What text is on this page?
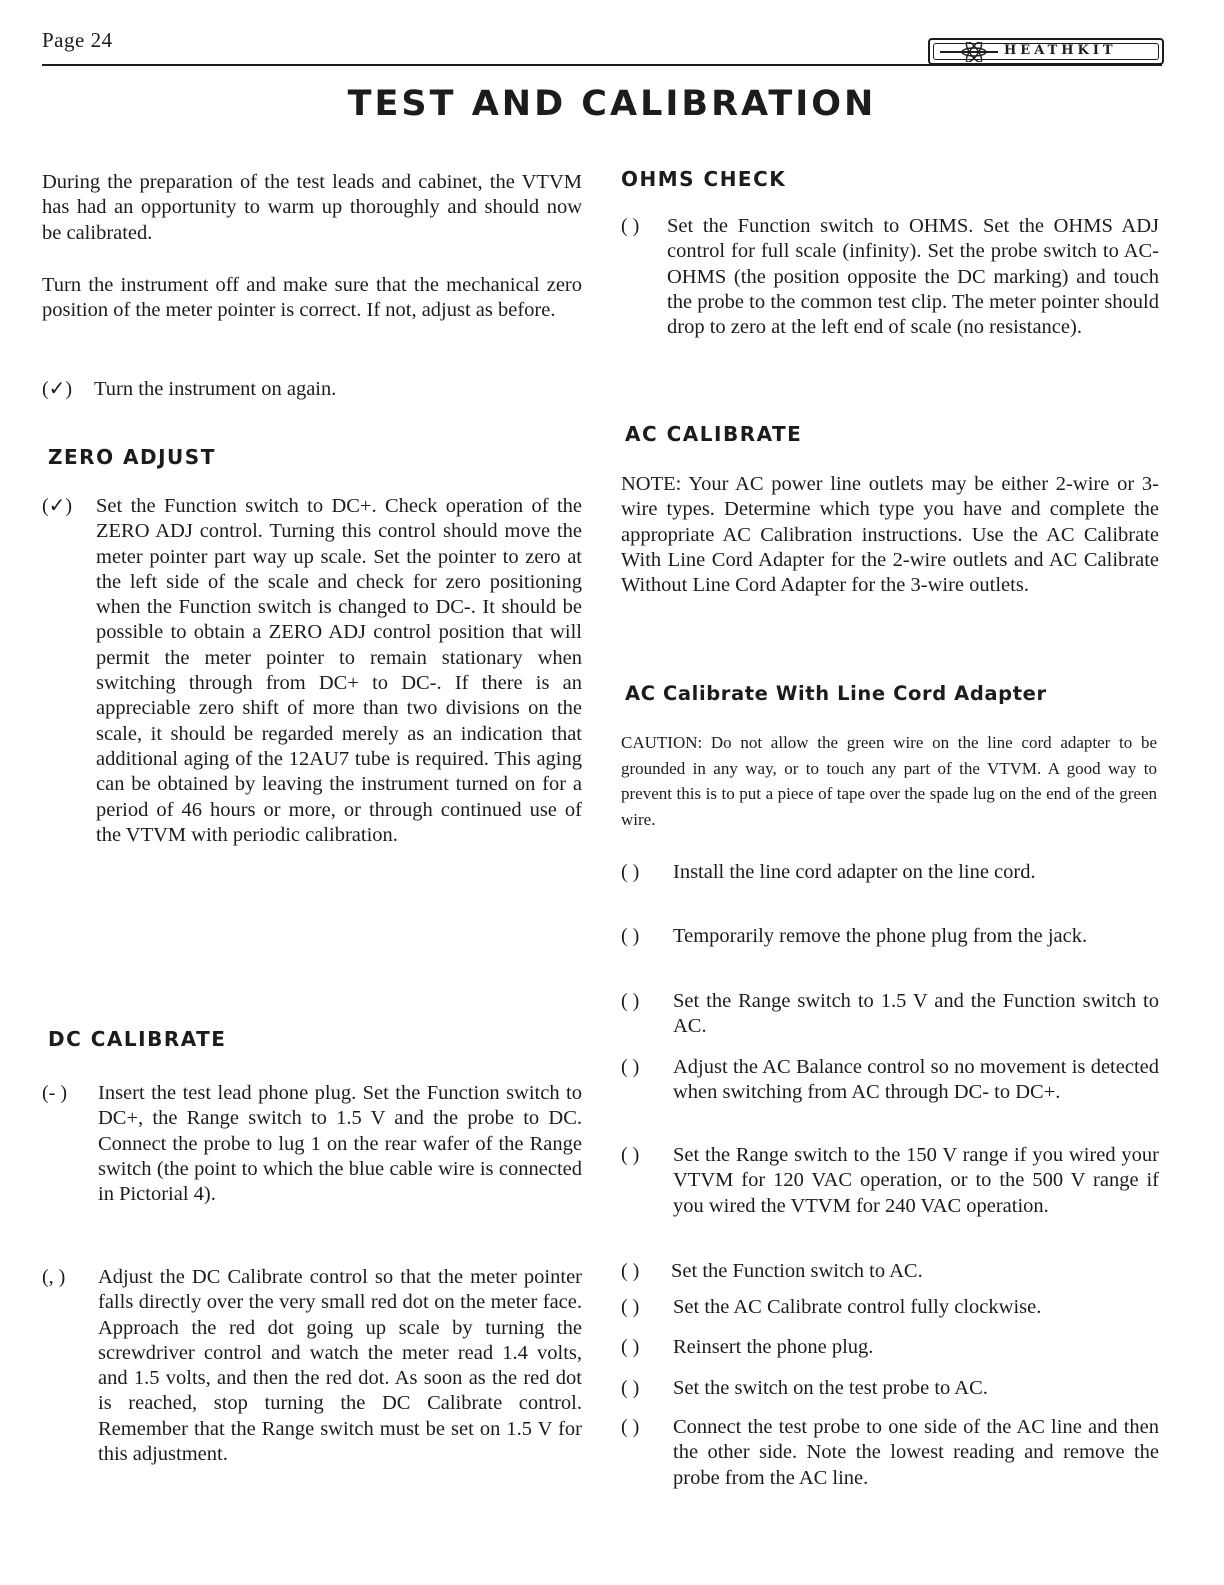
Page 24	HEATHKIT
TEST AND CALIBRATION

During the preparation of the test leads and cabinet, the VTVM has had an opportunity to warm up thoroughly and should now be calibrated.

Turn the instrument off and make sure that the mechanical zero position of the meter pointer is correct. If not, adjust as before.

(✓)	Turn the instrument on again.
ZERO ADJUST
(✓)	Set the Function switch to DC+. Check operation of the ZERO ADJ control. Turning this control should move the meter pointer part way up scale. Set the pointer to zero at the left side of the scale and check for zero positioning when the Function switch is changed to DC-. It should be possible to obtain a ZERO ADJ control position that will permit the meter pointer to remain stationary when switching through from DC+ to DC-. If there is an appreciable zero shift of more than two divisions on the scale, it should be regarded merely as an indication that additional aging of the 12AU7 tube is required. This aging can be obtained by leaving the instrument turned on for a period of 46 hours or more, or through continued use of the VTVM with periodic calibration.
DC CALIBRATE
(- )	Insert the test lead phone plug. Set the Function switch to DC+, the Range switch to 1.5 V and the probe to DC. Connect the probe to lug 1 on the rear wafer of the Range switch (the point to which the blue cable wire is connected in Pictorial 4).
(, )	Adjust the DC Calibrate control so that the meter pointer falls directly over the very small red dot on the meter face. Approach the red dot going up scale by turning the screwdriver control and watch the meter read 1.4 volts, and 1.5 volts, and then the red dot. As soon as the red dot is reached, stop turning the DC Calibrate control. Remember that the Range switch must be set on 1.5 V for this adjustment.
OHMS CHECK
( )	Set the Function switch to OHMS. Set the OHMS ADJ control for full scale (infinity). Set the probe switch to AC-OHMS (the position opposite the DC marking) and touch the probe to the common test clip. The meter pointer should drop to zero at the left end of scale (no resistance).
AC CALIBRATE

NOTE: Your AC power line outlets may be either 2-wire or 3-wire types. Determine which type you have and complete the appropriate AC Calibration instructions. Use the AC Calibrate With Line Cord Adapter for the 2-wire outlets and AC Calibrate Without Line Cord Adapter for the 3-wire outlets.

AC Calibrate With Line Cord Adapter

CAUTION: Do not allow the green wire on the line cord adapter to be grounded in any way, or to touch any part of the VTVM. A good way to prevent this is to put a piece of tape over the spade lug on the end of the green wire.

( )	Install the line cord adapter on the line cord.
( )	Temporarily remove the phone plug from the jack.
( )	Set the Range switch to 1.5 V and the Function switch to AC.
( )	Adjust the AC Balance control so no movement is detected when switching from AC through DC- to DC+.
( )	Set the Range switch to the 150 V range if you wired your VTVM for 120 VAC operation, or to the 500 V range if you wired the VTVM for 240 VAC operation.
( )	Set the Function switch to AC.
( )	Set the AC Calibrate control fully clockwise.
( )	Reinsert the phone plug.
( )	Set the switch on the test probe to AC.
( )	Connect the test probe to one side of the AC line and then the other side. Note the lowest reading and remove the probe from the AC line.
